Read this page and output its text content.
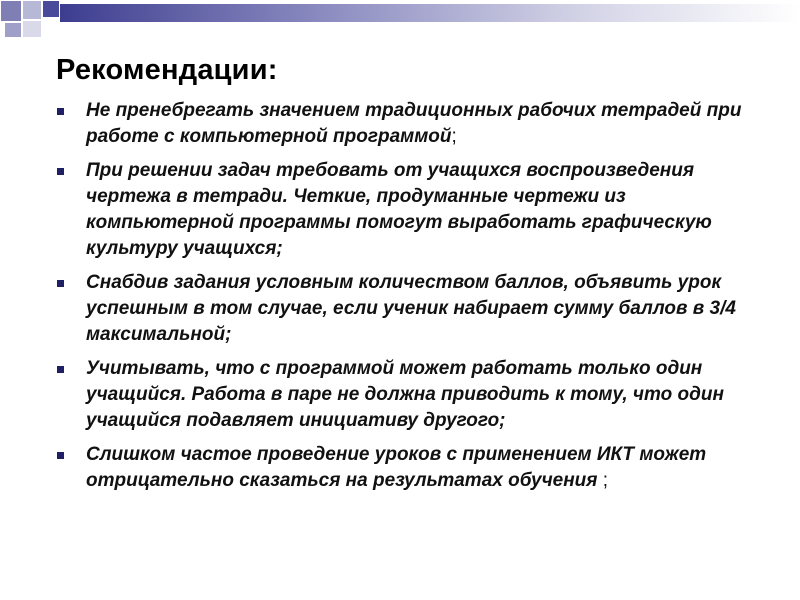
Рекомендации:
Не пренебрегать значением традиционных рабочих тетрадей при работе с компьютерной программой;
При решении задач требовать от учащихся воспроизведения чертежа в тетради. Четкие, продуманные чертежи из компьютерной программы помогут выработать графическую культуру учащихся;
Снабдив задания условным количеством баллов, объявить урок успешным в том случае, если ученик набирает сумму баллов в 3/4 максимальной;
Учитывать, что с программой может работать только один учащийся. Работа в паре не должна приводить к тому, что один учащийся подавляет инициативу другого;
Слишком частое проведение уроков с применением ИКТ может отрицательно сказаться на результатах обучения ;
